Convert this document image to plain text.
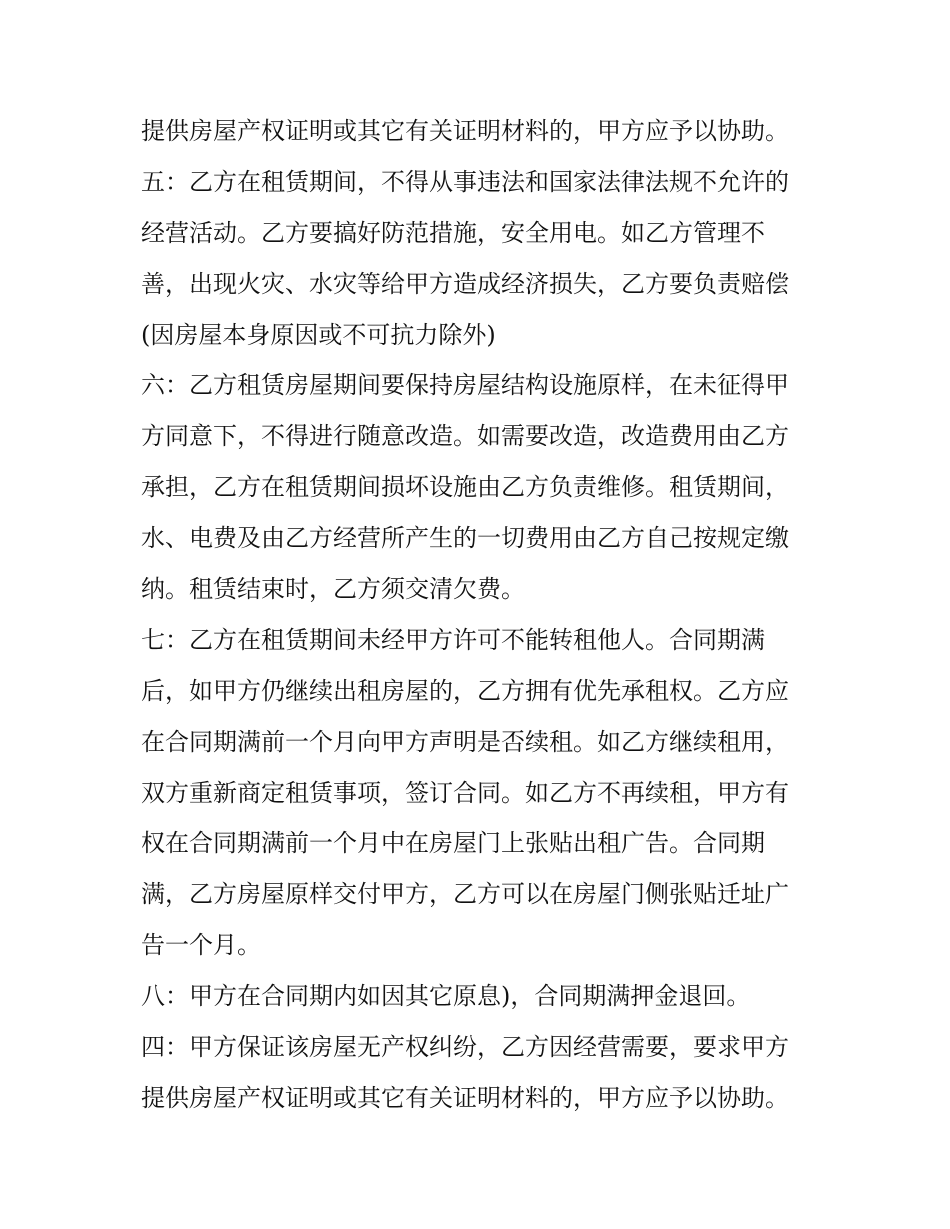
提供房屋产权证明或其它有关证明材料的，甲方应予以协助。
五：乙方在租赁期间，不得从事违法和国家法律法规不允许的
经营活动。乙方要搞好防范措施，安全用电。如乙方管理不
善，出现火灾、水灾等给甲方造成经济损失，乙方要负责赔偿
(因房屋本身原因或不可抗力除外)
六：乙方租赁房屋期间要保持房屋结构设施原样，在未征得甲
方同意下，不得进行随意改造。如需要改造，改造费用由乙方
承担，乙方在租赁期间损坏设施由乙方负责维修。租赁期间，
水、电费及由乙方经营所产生的一切费用由乙方自己按规定缴
纳。租赁结束时，乙方须交清欠费。
七：乙方在租赁期间未经甲方许可不能转租他人。合同期满
后，如甲方仍继续出租房屋的，乙方拥有优先承租权。乙方应
在合同期满前一个月向甲方声明是否续租。如乙方继续租用，
双方重新商定租赁事项，签订合同。如乙方不再续租，甲方有
权在合同期满前一个月中在房屋门上张贴出租广告。合同期
满，乙方房屋原样交付甲方，乙方可以在房屋门侧张贴迁址广
告一个月。
八：甲方在合同期内如因其它原息)，合同期满押金退回。
四：甲方保证该房屋无产权纠纷，乙方因经营需要，要求甲方
提供房屋产权证明或其它有关证明材料的，甲方应予以协助。
